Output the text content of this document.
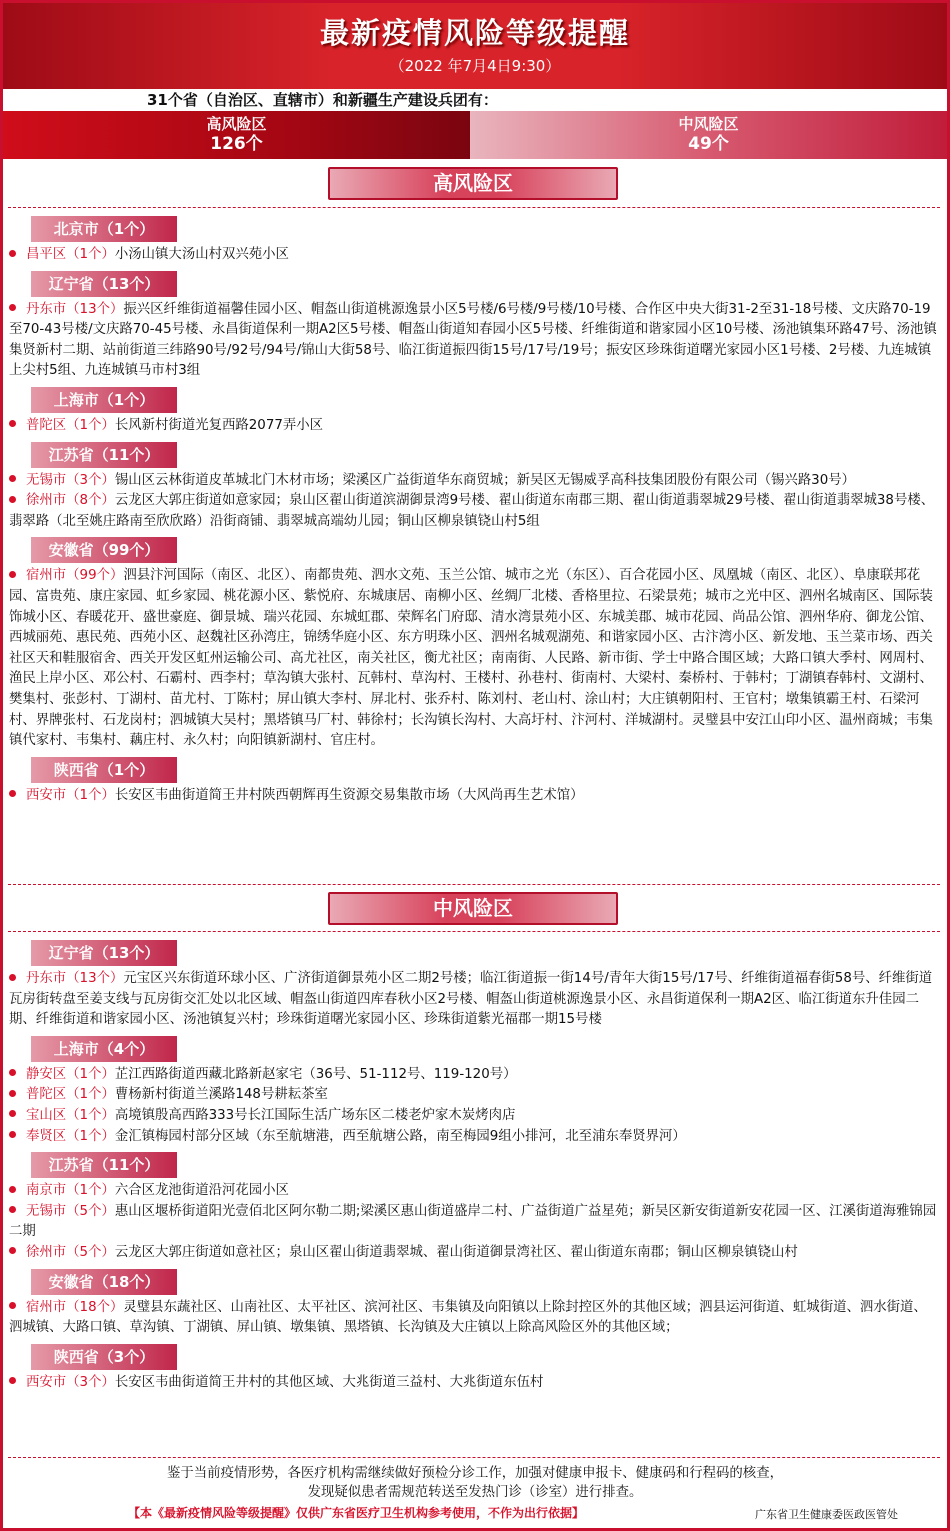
最新疫情风险等级提醒
（2022 年7月4日9:30）
31个省（自治区、直辖市）和新疆生产建设兵团有：
高风险区
126个
中风险区
49个
高风险区
北京市（1个）
昌平区（1个）小汤山镇大汤山村双兴苑小区
辽宁省（13个）
丹东市（13个）振兴区纤维街道福馨佳园小区、帽盔山街道桃源逸景小区5号楼/6号楼/9号楼/10号楼、合作区中央大街31-2至31-18号楼、文庆路70-19至70-43号楼/文庆路70-45号楼、永昌街道保利一期A2区5号楼、帽盔山街道知春园小区5号楼、纤维街道和谐家园小区10号楼、汤池镇集环路47号、汤池镇集贤新村二期、站前街道三纬路90号/92号/94号/锦山大街58号、临江街道振四街15号/17号/19号；振安区珍珠街道曙光家园小区1号楼、2号楼、九连城镇上尖村5组、九连城镇马市村3组
上海市（1个）
普陀区（1个）长风新村街道光复西路2077弄小区
江苏省（11个）
无锡市（3个）锡山区云林街道皮革城北门木材市场；梁溪区广益街道华东商贸城；新吴区无锡威孚高科技集团股份有限公司（锡兴路30号）
徐州市（8个）云龙区大郭庄街道如意家园；泉山区翟山街道滨湖御景湾9号楼、翟山街道东南郡三期、翟山街道翡翠城29号楼、翟山街道翡翠城38号楼、翡翠路（北至姚庄路南至欣欣路）沿街商铺、翡翠城高端幼儿园；铜山区柳泉镇铙山村5组
安徽省（99个）
宿州市（99个）泗县汴河国际（南区、北区）、南都贵苑、泗水文苑、玉兰公馆、城市之光（东区）、百合花园小区、凤凰城（南区、北区）、阜康联邦花园、富贵苑、康庄家园、虹乡家园、桃花源小区、紫悦府、东城康居、南柳小区、丝绸厂北楼、香格里拉、石梁景苑；城市之光中区、泗州名城南区、国际装饰城小区、春暖花开、盛世豪庭、御景城、瑞兴花园、东城虹郡、荣辉名门府邸、清水湾景苑小区、东城美郡、城市花园、尚品公馆、泗州华府、御龙公馆、西城丽苑、惠民苑、西苑小区、赵魏社区孙湾庄，锦绣华庭小区、东方明珠小区、泗州名城观湖苑、和谐家园小区、古汴湾小区、新发地、玉兰菜市场、西关社区天和鞋服宿舍、西关开发区虹州运输公司、高尤社区，南关社区，衡尤社区；南南街、人民路、新市街、学士中路合围区域；大路口镇大季村、网周村、渔民上岸小区、邓公村、石霸村、西李村；草沟镇大张村、瓦韩村、草沟村、王楼村、孙巷村、街南村、大梁村、秦桥村、于韩村；丁湖镇春韩村、文湖村、樊集村、张彭村、丁湖村、苗尤村、丁陈村；屏山镇大李村、屏北村、张乔村、陈刘村、老山村、涂山村；大庄镇朝阳村、王官村；墩集镇霸王村、石梁河村、界牌张村、石龙岗村；泗城镇大吴村；黑塔镇马厂村、韩徐村；长沟镇长沟村、大高圩村、汴河村、洋城湖村。灵璧县中安江山印小区、温州商城；韦集镇代家村、韦集村、藕庄村、永久村；向阳镇新湖村、官庄村。
陕西省（1个）
西安市（1个）长安区韦曲街道简王井村陕西朝辉再生资源交易集散市场（大风尚再生艺术馆）
中风险区
辽宁省（13个）
丹东市（13个）元宝区兴东街道环球小区、广济街道御景苑小区二期2号楼；临江街道振一街14号/青年大街15号/17号、纤维街道福春街58号、纤维街道瓦房街转盘至姜支线与瓦房街交汇处以北区域、帽盔山街道四库春秋小区2号楼、帽盔山街道桃源逸景小区、永昌街道保利一期A2区、临江街道东升佳园二期、纤维街道和谐家园小区、汤池镇复兴村；珍珠街道曙光家园小区、珍珠街道紫光福郡一期15号楼
上海市（4个）
静安区（1个）芷江西路街道西藏北路新赵家宅（36号、51-112号、119-120号）
普陀区（1个）曹杨新村街道兰溪路148号耕耘茶室
宝山区（1个）高境镇殷高西路333号长江国际生活广场东区二楼老炉家木炭烤肉店
奉贤区（1个）金汇镇梅园村部分区域（东至航塘港，西至航塘公路，南至梅园9组小排河，北至浦东奉贤界河）
江苏省（11个）
南京市（1个）六合区龙池街道沿河花园小区
无锡市（5个）惠山区堰桥街道阳光壹佰北区阿尔勒二期;梁溪区惠山街道盛岸二村、广益街道广益星苑；新吴区新安街道新安花园一区、江溪街道海雅锦园二期
徐州市（5个）云龙区大郭庄街道如意社区；泉山区翟山街道翡翠城、翟山街道御景湾社区、翟山街道东南郡；铜山区柳泉镇铙山村
安徽省（18个）
宿州市（18个）灵璧县东蔬社区、山南社区、太平社区、滨河社区、韦集镇及向阳镇以上除封控区外的其他区域；泗县运河街道、虹城街道、泗水街道、泗城镇、大路口镇、草沟镇、丁湖镇、屏山镇、墩集镇、黑塔镇、长沟镇及大庄镇以上除高风险区外的其他区域；
陕西省（3个）
西安市（3个）长安区韦曲街道简王井村的其他区域、大兆街道三益村、大兆街道东伍村
鉴于当前疫情形势，各医疗机构需继续做好预检分诊工作，加强对健康申报卡、健康码和行程码的核查，
发现疑似患者需规范转送至发热门诊（诊室）进行排查。
【本《最新疫情风险等级提醒》仅供广东省医疗卫生机构参考使用，不作为出行依据】	广东省卫生健康委医政医管处
